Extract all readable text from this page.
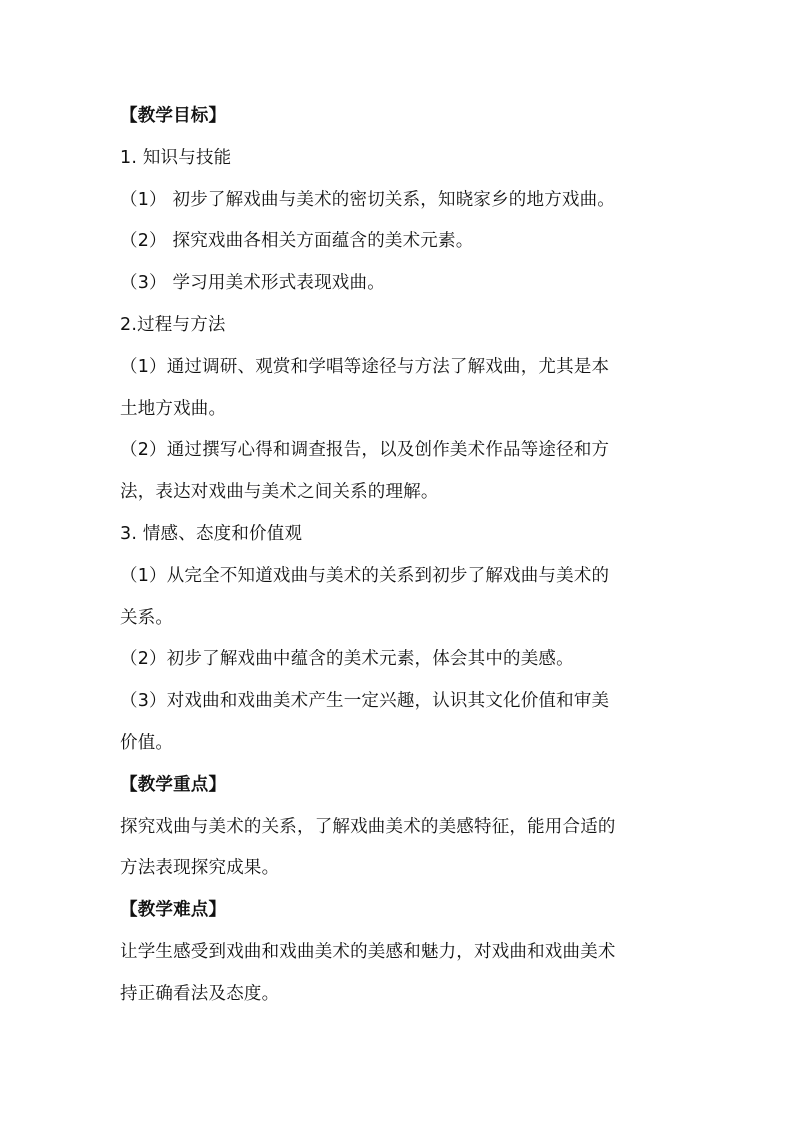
【教学目标】
1. 知识与技能
（1） 初步了解戏曲与美术的密切关系，知晓家乡的地方戏曲。
（2） 探究戏曲各相关方面蕴含的美术元素。
（3） 学习用美术形式表现戏曲。
2.过程与方法
（1）通过调研、观赏和学唱等途径与方法了解戏曲，尤其是本
土地方戏曲。
（2）通过撰写心得和调查报告，以及创作美术作品等途径和方
法，表达对戏曲与美术之间关系的理解。
3. 情感、态度和价值观
（1）从完全不知道戏曲与美术的关系到初步了解戏曲与美术的
关系。
（2）初步了解戏曲中蕴含的美术元素，体会其中的美感。
（3）对戏曲和戏曲美术产生一定兴趣，认识其文化价值和审美
价值。
【教学重点】
探究戏曲与美术的关系，了解戏曲美术的美感特征，能用合适的
方法表现探究成果。
【教学难点】
让学生感受到戏曲和戏曲美术的美感和魅力，对戏曲和戏曲美术
持正确看法及态度。
